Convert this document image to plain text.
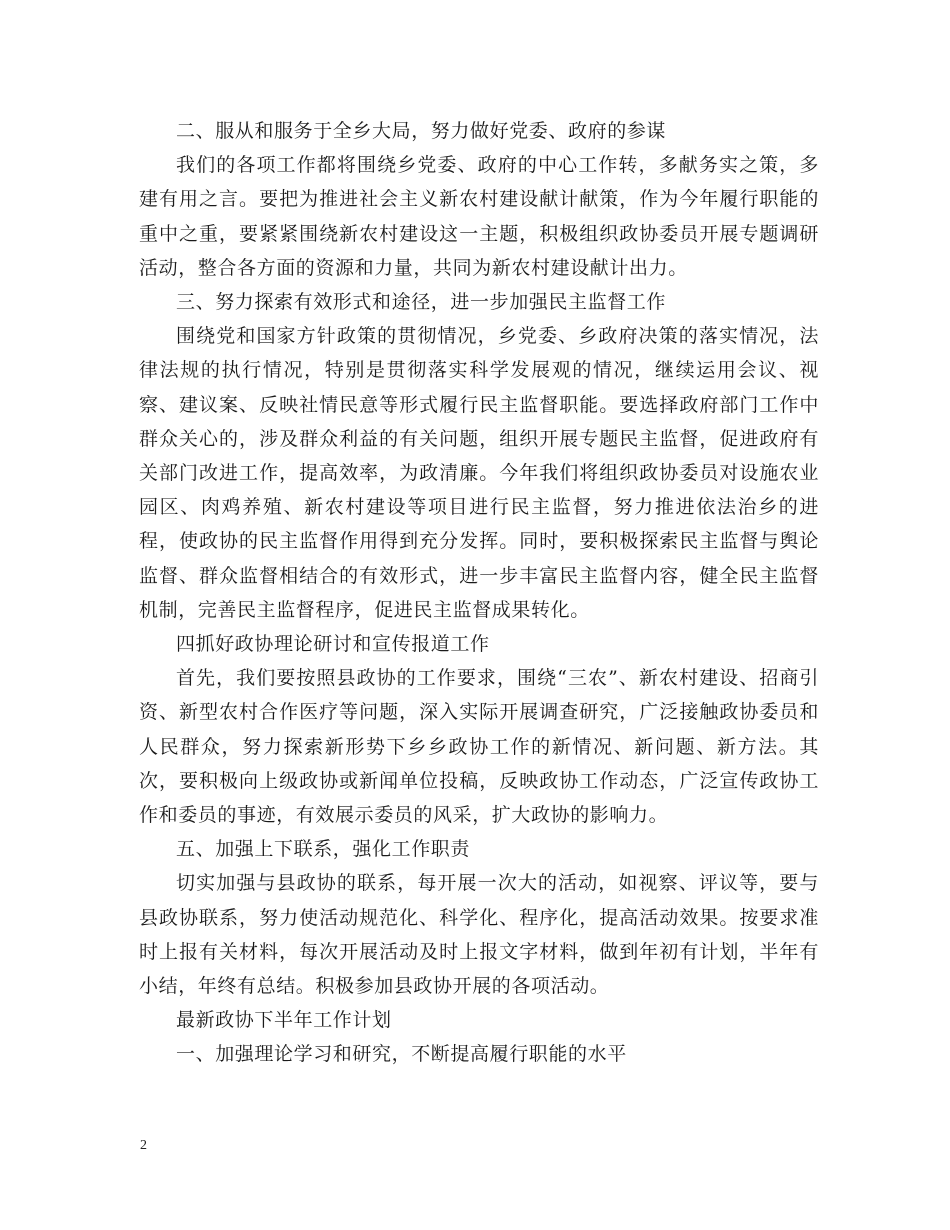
二、服从和服务于全乡大局，努力做好党委、政府的参谋

我们的各项工作都将围绕乡党委、政府的中心工作转，多献务实之策，多建有用之言。要把为推进社会主义新农村建设献计献策，作为今年履行职能的重中之重，要紧紧围绕新农村建设这一主题，积极组织政协委员开展专题调研活动，整合各方面的资源和力量，共同为新农村建设献计出力。

三、努力探索有效形式和途径，进一步加强民主监督工作

围绕党和国家方针政策的贯彻情况，乡党委、乡政府决策的落实情况，法律法规的执行情况，特别是贯彻落实科学发展观的情况，继续运用会议、视察、建议案、反映社情民意等形式履行民主监督职能。要选择政府部门工作中群众关心的，涉及群众利益的有关问题，组织开展专题民主监督，促进政府有关部门改进工作，提高效率，为政清廉。今年我们将组织政协委员对设施农业园区、肉鸡养殖、新农村建设等项目进行民主监督，努力推进依法治乡的进程，使政协的民主监督作用得到充分发挥。同时，要积极探索民主监督与舆论监督、群众监督相结合的有效形式，进一步丰富民主监督内容，健全民主监督机制，完善民主监督程序，促进民主监督成果转化。

四抓好政协理论研讨和宣传报道工作

首先，我们要按照县政协的工作要求，围绕“三农”、新农村建设、招商引资、新型农村合作医疗等问题，深入实际开展调查研究，广泛接触政协委员和人民群众，努力探索新形势下乡乡政协工作的新情况、新问题、新方法。其次，要积极向上级政协或新闻单位投稿，反映政协工作动态，广泛宣传政协工作和委员的事迹，有效展示委员的风采，扩大政协的影响力。

五、加强上下联系，强化工作职责

切实加强与县政协的联系，每开展一次大的活动，如视察、评议等，要与县政协联系，努力使活动规范化、科学化、程序化，提高活动效果。按要求准时上报有关材料，每次开展活动及时上报文字材料，做到年初有计划，半年有小结，年终有总结。积极参加县政协开展的各项活动。

最新政协下半年工作计划

一、加强理论学习和研究，不断提高履行职能的水平

2
